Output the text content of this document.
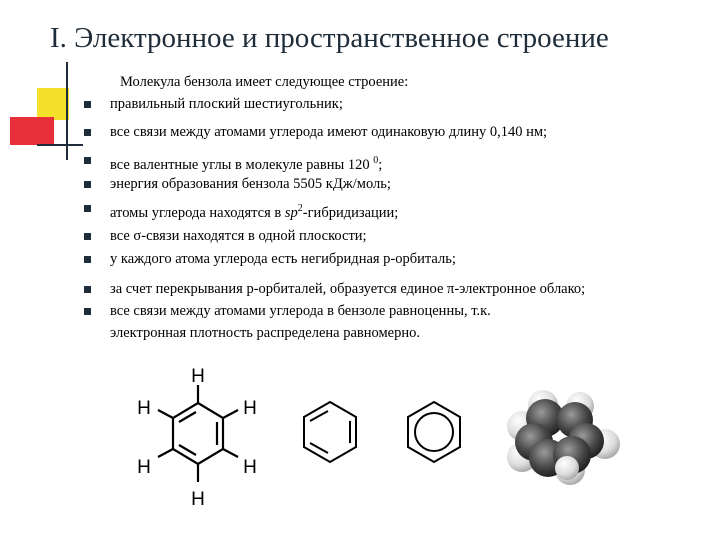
I. Электронное и пространственное строение
Молекула бензола имеет следующее строение:
правильный плоский шестиугольник;
все связи между атомами углерода имеют одинаковую длину 0,140 нм;
все валентные углы в молекуле равны 120 $^0$;
энергия образования бензола 5505 кДж/моль;
атомы углерода находятся в $sp^2$-гибридизации;
все σ-связи находятся в одной плоскости;
у каждого атома углерода есть негибридная р-орбиталь;
за счет перекрывания р-орбиталей, образуется единое π-электронное облако;
все связи между атомами углерода в бензоле равноценны, т.к.
электронная плотность распределена равномерно.
H
H
H
H
H
H
